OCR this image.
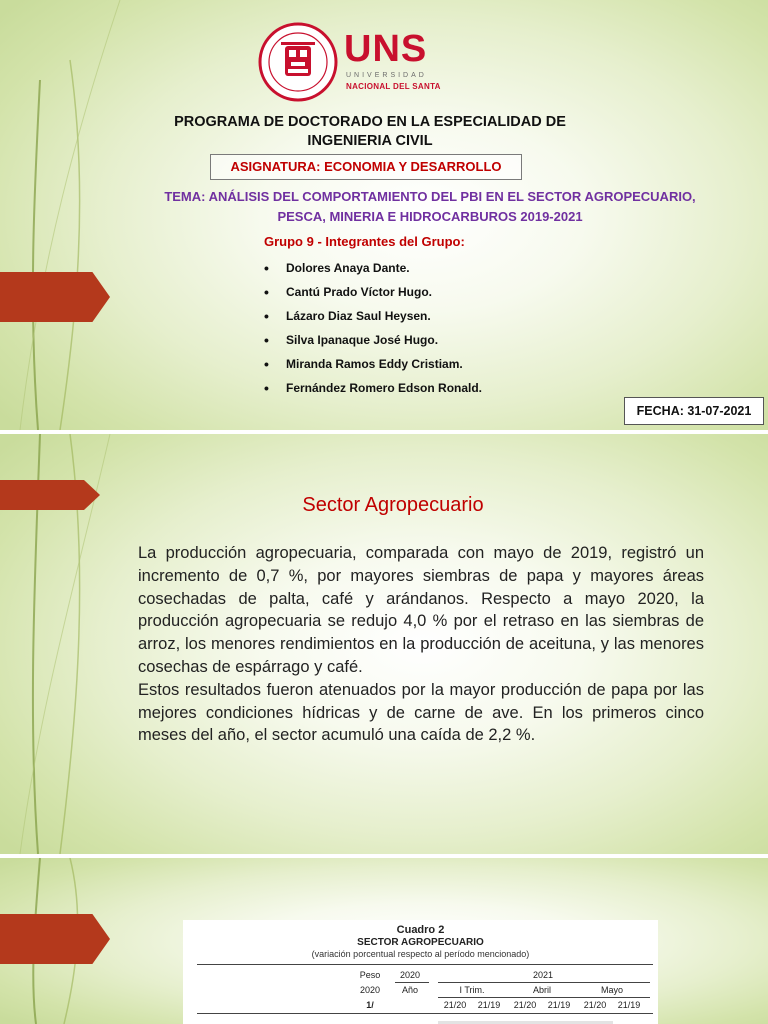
UNS
UNIVERSIDAD
NACIONAL DEL SANTA
PROGRAMA DE DOCTORADO EN LA ESPECIALIDAD DE
INGENIERIA CIVIL
ASIGNATURA: ECONOMIA Y DESARROLLO
TEMA: ANÁLISIS DEL COMPORTAMIENTO DEL PBI EN EL SECTOR AGROPECUARIO,
PESCA, MINERIA E HIDROCARBUROS 2019-2021
Grupo 9 - Integrantes del Grupo:
• Dolores Anaya Dante.
• Cantú Prado Víctor Hugo.
• Lázaro Diaz Saul Heysen.
• Silva Ipanaque José Hugo.
• Miranda Ramos Eddy Cristiam.
• Fernández Romero Edson Ronald.
FECHA: 31-07-2021
Sector Agropecuario

La producción agropecuaria, comparada con mayo de 2019, registró un incremento de 0,7 %, por mayores siembras de papa y mayores áreas cosechadas de palta, café y arándanos. Respecto a mayo 2020, la producción agropecuaria se redujo 4,0 % por el retraso en las siembras de arroz, los menores rendimientos en la producción de aceituna, y las menores cosechas de espárrago y café.

Estos resultados fueron atenuados por la mayor producción de papa por las mejores condiciones hídricas y de carne de ave. En los primeros cinco meses del año, el sector acumuló una caída de 2,2 %.

Cuadro 2
SECTOR AGROPECUARIO
(variación porcentual respecto al período mencionado)
Peso	2020	2021
2020	Año	I Trim.	Abril	Mayo
1/	21/20	21/19	21/20	21/19	21/20	21/19
